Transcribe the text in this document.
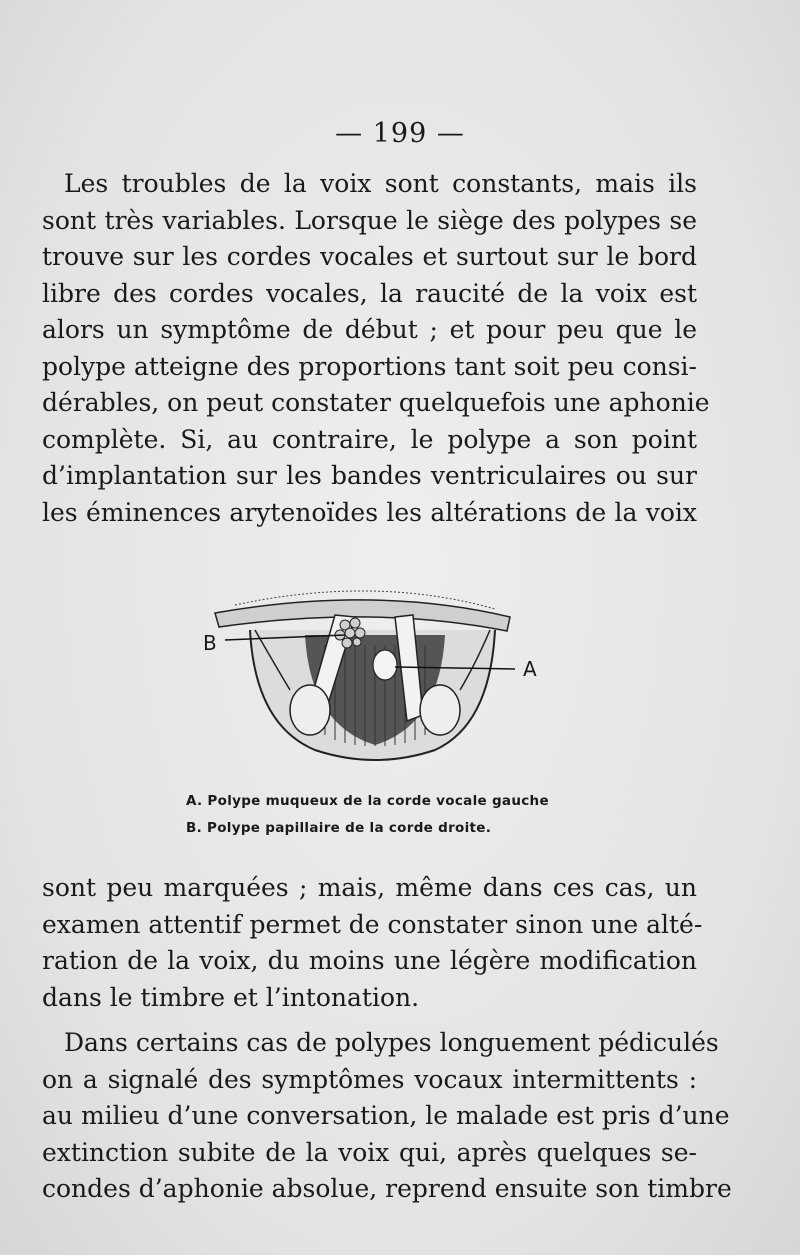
— 199 —
Les troubles de la voix sont constants, mais ils
sont très variables. Lorsque le siège des polypes se
trouve sur les cordes vocales et surtout sur le bord
libre des cordes vocales, la raucité de la voix est
alors un symptôme de début ; et pour peu que le
polype atteigne des proportions tant soit peu consi-
dérables, on peut constater quelquefois une aphonie
complète. Si, au contraire, le polype a son point
d’implantation sur les bandes ventriculaires ou sur
les éminences arytenoïdes les altérations de la voix
B
A
A. Polype muqueux de la corde vocale gauche
B. Polype papillaire de la corde droite.
sont peu marquées ; mais, même dans ces cas, un
examen attentif permet de constater sinon une alté-
ration de la voix, du moins une légère modification
dans le timbre et l’intonation.
Dans certains cas de polypes longuement pédiculés
on a signalé des symptômes vocaux intermittents :
au milieu d’une conversation, le malade est pris d’une
extinction subite de la voix qui, après quelques se-
condes d’aphonie absolue, reprend ensuite son timbre
